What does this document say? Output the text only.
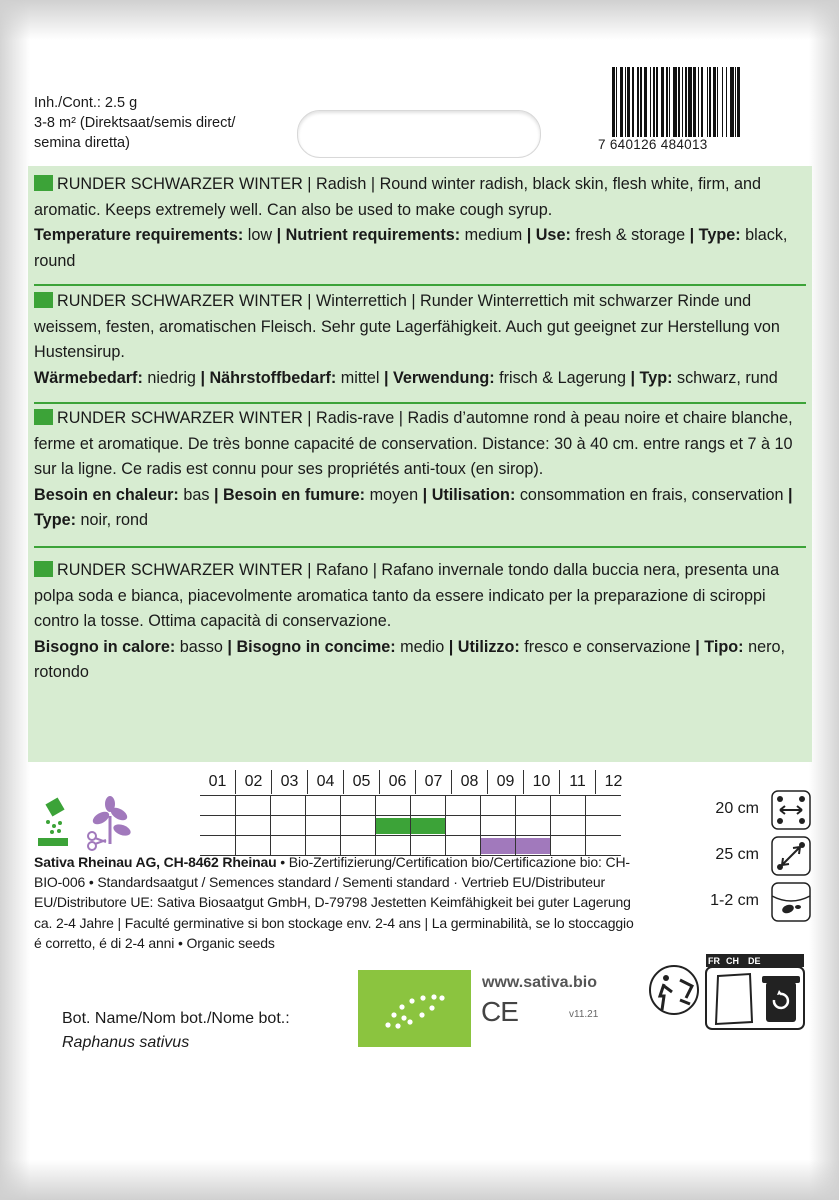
Inh./Cont.: 2.5 g
3-8 m² (Direktsaat/semis direct/
semina diretta)	7 640126 484013
RUNDER SCHWARZER WINTER | Radish | Round winter radish, black skin, flesh white, firm, and aromatic. Keeps extremely well. Can also be used to make cough syrup.
Temperature requirements: low | Nutrient requirements: medium | Use: fresh & storage | Type: black, round
RUNDER SCHWARZER WINTER | Winterrettich | Runder Winterrettich mit schwarzer Rinde und weissem, festen, aromatischen Fleisch. Sehr gute Lagerfähigkeit. Auch gut geeignet zur Herstellung von Hustensirup.
Wärmebedarf: niedrig | Nährstoffbedarf: mittel | Verwendung: frisch & Lagerung | Typ: schwarz, rund
RUNDER SCHWARZER WINTER | Radis-rave | Radis d’automne rond à peau noire et chaire blanche, ferme et aromatique. De très bonne capacité de conservation. Distance: 30 à 40 cm. entre rangs et 7 à 10 sur la ligne. Ce radis est connu pour ses propriétés anti-toux (en sirop).
Besoin en chaleur: bas | Besoin en fumure: moyen | Utilisation: consommation en frais, conservation | Type: noir, rond
RUNDER SCHWARZER WINTER | Rafano | Rafano invernale tondo dalla buccia nera, presenta una polpa soda e bianca, piacevolmente aromatica tanto da essere indicato per la preparazione di sciroppi contro la tosse. Ottima capacità di conservazione.
Bisogno in calore: basso | Bisogno in concime: medio | Utilizzo: fresco e conservazione | Tipo: nero, rotondo
01	02	03	04	05	06	07	08	09	10	11	12
20 cm
25 cm
1-2 cm
Sativa Rheinau AG, CH-8462 Rheinau • Bio-Zertifizierung/Certification bio/Certificazione bio: CH-BIO-006 • Standardsaatgut / Semences standard / Sementi standard · Vertrieb EU/Distributeur EU/Distributore UE: Sativa Biosaatgut GmbH, D-79798 Jestetten Keimfähigkeit bei guter Lagerung ca. 2-4 Jahre | Faculté germinative si bon stockage env. 2-4 ans | La germinabilità, se lo stoccaggio é corretto, é di 2-4 anni • Organic seeds
Bot. Name/Nom bot./Nome bot.:
Raphanus sativus
www.sativa.bio
CE	v11.21
FR CH DE
